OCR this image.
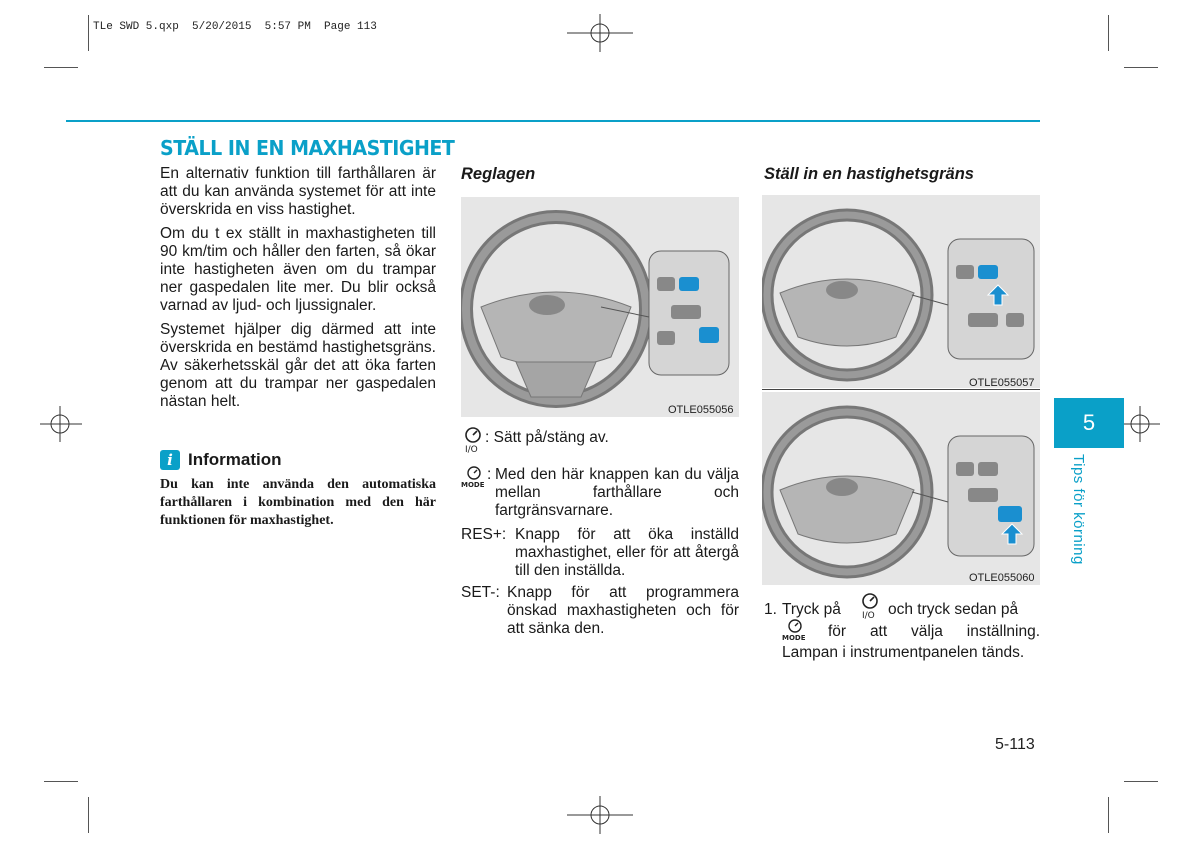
TLe SWD 5.qxp  5/20/2015  5:57 PM  Page 113
STÄLL IN EN MAXHASTIGHET

En alternativ funktion till farthållaren är att du kan använda systemet för att inte överskrida en viss hastighet.

Om du t ex ställt in maxhastigheten till 90 km/tim och håller den farten, så ökar inte hastigheten även om du trampar ner gaspedalen lite mer. Du blir också varnad av ljud- och ljussignaler.

Systemet hjälper dig därmed att inte överskrida en bestämd hastighetsgräns. Av säkerhetsskäl går det att öka farten genom att du trampar ner gaspedalen nästan helt.

i Information
Du kan inte använda den automatiska farthållaren i kombination med den här funktionen för maxhastighet.
Reglagen
OTLE055056
I/O
: Sätt på/stäng av.
MODE
: Med den här knappen kan du välja mellan farthållare och fartgränsvarnare.
RES+: Knapp för att öka inställd maxhastighet, eller för att återgå till den inställda.
SET-: Knapp för att programmera önskad maxhastigheten och för att sänka den.
Ställ in en hastighetsgräns
OTLE055057
OTLE055060
1. Tryck på I/O och tryck sedan på
MODE	för att välja inställning. Lampan i instrumentpanelen tänds.
5
Tips för körning
5-113
